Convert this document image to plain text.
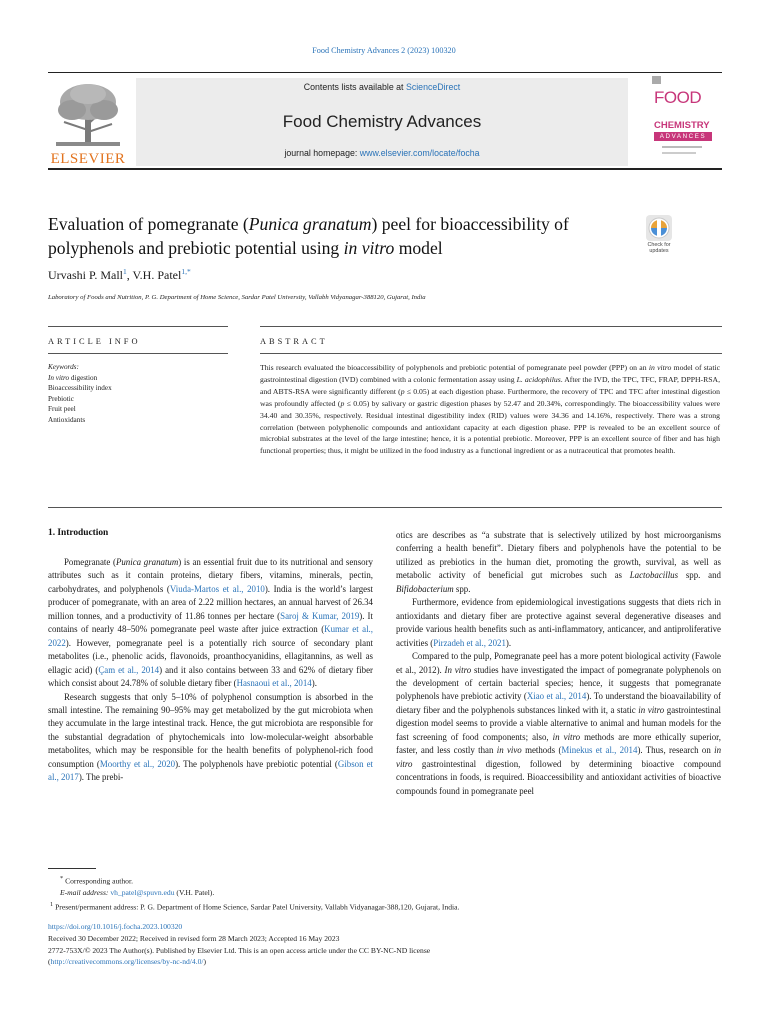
Food Chemistry Advances 2 (2023) 100320
ELSEVIER
Contents lists available at ScienceDirect
Food Chemistry Advances
journal homepage: www.elsevier.com/locate/focha
FOOD
CHEMISTRY
ADVANCES
Evaluation of pomegranate (Punica granatum) peel for bioaccessibility of polyphenols and prebiotic potential using in vitro model	Check for
updates
Urvashi P. Mall$^1$, V.H. Patel$^{1,*}$
Laboratory of Foods and Nutrition, P. G. Department of Home Science, Sardar Patel University, Vallabh Vidyanagar-388120, Gujarat, India
ARTICLE INFO	ABSTRACT
Keywords:
In vitro digestion
Bioaccessibility index
Prebiotic
Fruit peel
Antioxidants
This research evaluated the bioaccessibility of polyphenols and prebiotic potential of pomegranate peel powder (PPP) on an in vitro model of static gastrointestinal digestion (IVD) combined with a colonic fermentation assay using L. acidophilus. After the IVD, the TPC, TFC, FRAP, DPPH-RSA, and ABTS-RSA were significantly different (p ≤ 0.05) at each digestion phase. Furthermore, the recovery of TPC and TFC after intestinal digestion was profoundly affected (p ≤ 0.05) by salivary or gastric digestion phases by 52.47 and 20.34%, correspondingly. The bioaccessibility values were 34.40 and 30.35%, respectively. Residual intestinal digestibility index (RID) values were 34.36 and 14.16%, respectively. There was a strong correlation (between polyphenolic compounds and antioxidant capacity at each digestion phase. PPP is revealed to be an excellent source of microbial substrates at the level of the large intestine; hence, it is a potential prebiotic. Moreover, PPP is an excellent source of fiber and has high functional properties; thus, it might be utilized in the food industry as a functional ingredient or as a nutraceutical that promotes health.
1. Introduction

Pomegranate (Punica granatum) is an essential fruit due to its nutritional and sensory attributes such as it contain proteins, dietary fibers, vitamins, minerals, pectin, carbohydrates, and polyphenols (Viuda-Martos et al., 2010). India is the world’s largest producer of pomegranate, with an area of 2.22 million hectares, an annual harvest of 26.34 million tonnes, and a productivity of 11.86 tonnes per hectare (Saroj & Kumar, 2019). It contains of nearly 48–50% pomegranate peel waste after juice extraction (Kumar et al., 2022). However, pomegranate peel is a potentially rich source of secondary plant metabolites (i.e., phenolic acids, flavonoids, proanthocyanidins, ellagitannins, as well as ellagic acid) (Çam et al., 2014) and it also contains between 33 and 62% of dietary fiber which consist about 24.78% of soluble dietary fiber (Hasnaoui et al., 2014).

Research suggests that only 5–10% of polyphenol consumption is absorbed in the small intestine. The remaining 90–95% may get metabolized by the gut microbiota when they accumulate in the large intestinal track. Hence, the gut microbiota are responsible for the substantial degradation of phytochemicals into low-molecular-weight absorbable metabolites, which may be responsible for the health benefits of polyphenol-rich food consumption (Moorthy et al., 2020). The polyphenols have prebiotic potential (Gibson et al., 2017). The prebi-

otics are describes as “a substrate that is selectively utilized by host microorganisms conferring a health benefit”. Dietary fibers and polyphenols have the potential to be utilized as prebiotics in the human diet, promoting the growth, survival, as well as metabolic activity of beneficial gut microbes such as Lactobacillus spp. and Bifidobacterium spp.

Furthermore, evidence from epidemiological investigations suggests that diets rich in antioxidants and dietary fiber are protective against several degenerative diseases and provide various health benefits such as anti-inflammatory, anticancer, and antiproliferative activities (Pirzadeh et al., 2021).

Compared to the pulp, Pomegranate peel has a more potent biological activity (Fawole et al., 2012). In vitro studies have investigated the impact of pomegranate polyphenols on the development of certain bacterial species; hence, it suggests that pomegranate polyphenols have prebiotic activity (Xiao et al., 2014). To understand the bioavailability of dietary fiber and the polyphenols substances linked with it, a static in vitro gastrointestinal digestion model seems to provide a viable alternative to animal and human models for the fast screening of food components; also, in vitro methods are more ethically superior, faster, and less costly than in vivo methods (Minekus et al., 2014). Thus, research on in vitro gastrointestinal digestion, followed by determining bioactive compound concentrations in foods, is required. Bioaccessibility and antioxidant activities of bioactive compounds found in pomegranate peel

* Corresponding author.

E-mail address: vh_patel@spuvn.edu (V.H. Patel).

$^1$ Present/permanent address: P. G. Department of Home Science, Sardar Patel University, Vallabh Vidyanagar-388,120, Gujarat, India.

https://doi.org/10.1016/j.focha.2023.100320
Received 30 December 2022; Received in revised form 28 March 2023; Accepted 16 May 2023
2772-753X/© 2023 The Author(s). Published by Elsevier Ltd. This is an open access article under the CC BY-NC-ND license
(http://creativecommons.org/licenses/by-nc-nd/4.0/)
